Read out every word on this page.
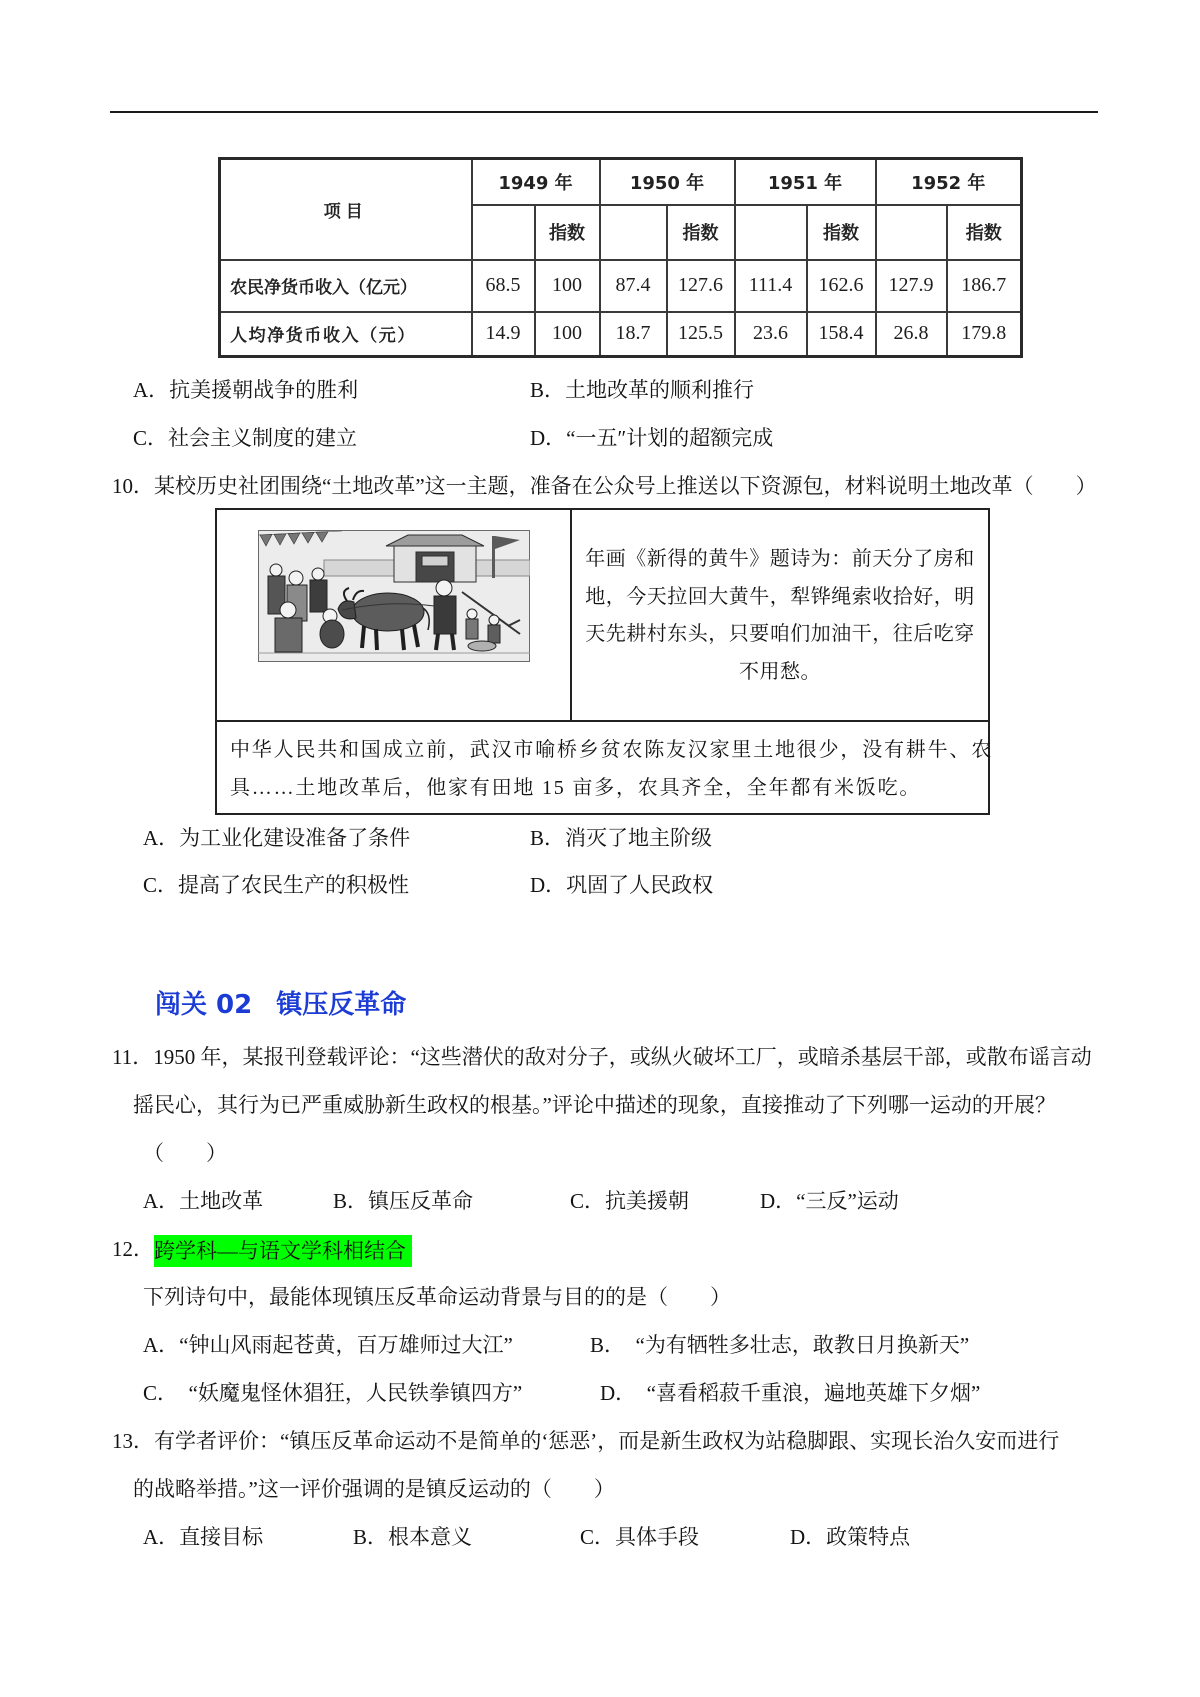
项目	1949 年		1950 年		1951 年		1952 年	
		指数		指数		指数		指数
农民净货币收入（亿元）	68.5	100	87.4	127.6	111.4	162.6	127.9	186.7
人均净货币收入（元）	14.9	100	18.7	125.5	23.6	158.4	26.8	179.8
A．抗美援朝战争的胜利	B．土地改革的顺利推行
C．社会主义制度的建立	D．“一五″计划的超额完成
10．某校历史社团围绕“土地改革”这一主题，准备在公众号上推送以下资源包，材料说明土地改革（　　）
年画《新得的黄牛》题诗为：前天分了房和
地，今天拉回大黄牛，犁铧绳索收拾好，明
天先耕村东头，只要咱们加油干，往后吃穿
不用愁。
中华人民共和国成立前，武汉市喻桥乡贫农陈友汉家里土地很少，没有耕牛、农
具……土地改革后，他家有田地 15 亩多，农具齐全，全年都有米饭吃。
A．为工业化建设准备了条件	B．消灭了地主阶级
C．提高了农民生产的积极性	D．巩固了人民政权
闯关 02 镇压反革命
11．1950 年，某报刊登载评论：“这些潜伏的敌对分子，或纵火破坏工厂，或暗杀基层干部，或散布谣言动
摇民心，其行为已严重威胁新生政权的根基。”评论中描述的现象，直接推动了下列哪一运动的开展？
（　　）
A．土地改革	B．镇压反革命	C．抗美援朝	D．“三反”运动
12．跨学科—与语文学科相结合
下列诗句中，最能体现镇压反革命运动背景与目的的是（　　）
A．“钟山风雨起苍黄，百万雄师过大江”	B．　“为有牺牲多壮志，敢教日月换新天”
C．　“妖魔鬼怪休猖狂，人民铁拳镇四方”	D．　“喜看稻菽千重浪，遍地英雄下夕烟”
13．有学者评价：“镇压反革命运动不是简单的‘惩恶’，而是新生政权为站稳脚跟、实现长治久安而进行
的战略举措。”这一评价强调的是镇反运动的（　　）
A．直接目标	B．根本意义	C．具体手段	D．政策特点
